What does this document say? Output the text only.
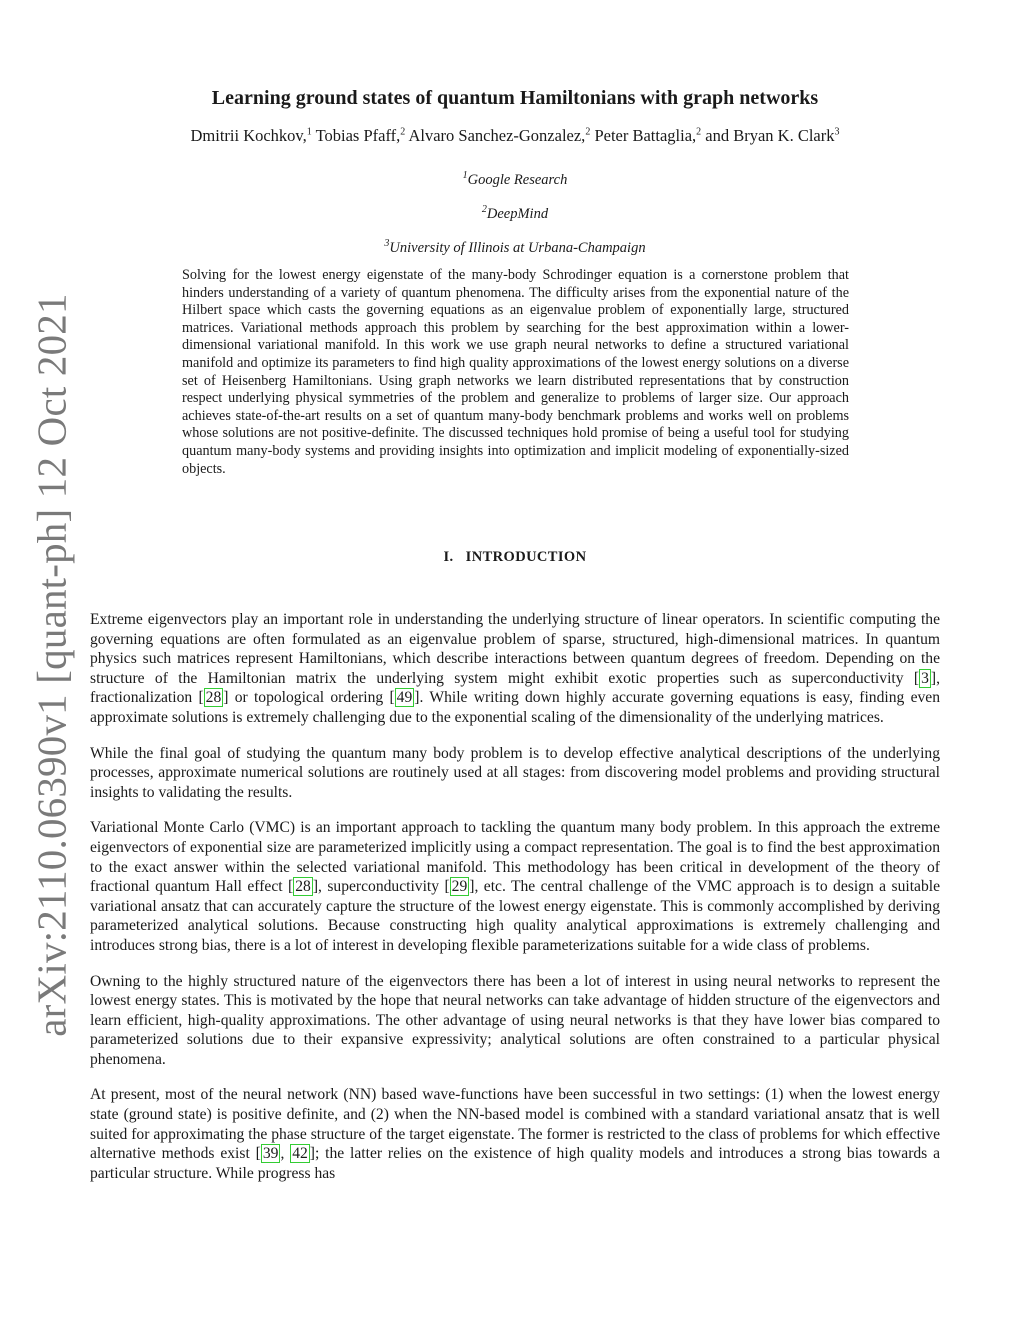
arXiv:2110.06390v1 [quant-ph] 12 Oct 2021
Learning ground states of quantum Hamiltonians with graph networks
Dmitrii Kochkov,$^1$ Tobias Pfaff,$^2$ Alvaro Sanchez-Gonzalez,$^2$ Peter Battaglia,$^2$ and Bryan K. Clark$^3$
$^1$Google Research
$^2$DeepMind
$^3$University of Illinois at Urbana-Champaign
Solving for the lowest energy eigenstate of the many-body Schrodinger equation is a cornerstone problem that hinders understanding of a variety of quantum phenomena. The difficulty arises from the exponential nature of the Hilbert space which casts the governing equations as an eigenvalue problem of exponentially large, structured matrices. Variational methods approach this problem by searching for the best approximation within a lower-dimensional variational manifold. In this work we use graph neural networks to define a structured variational manifold and optimize its parameters to find high quality approximations of the lowest energy solutions on a diverse set of Heisenberg Hamiltonians. Using graph networks we learn distributed representations that by construction respect underlying physical symmetries of the problem and generalize to problems of larger size. Our approach achieves state-of-the-art results on a set of quantum many-body benchmark problems and works well on problems whose solutions are not positive-definite. The discussed techniques hold promise of being a useful tool for studying quantum many-body systems and providing insights into optimization and implicit modeling of exponentially-sized objects.
I. INTRODUCTION

Extreme eigenvectors play an important role in understanding the underlying structure of linear operators. In scientific computing the governing equations are often formulated as an eigenvalue problem of sparse, structured, high-dimensional matrices. In quantum physics such matrices represent Hamiltonians, which describe interactions between quantum degrees of freedom. Depending on the structure of the Hamiltonian matrix the underlying system might exhibit exotic properties such as superconductivity [ 3 ], fractionalization [ 28 ] or topological ordering [ 49 ]. While writing down highly accurate governing equations is easy, finding even approximate solutions is extremely challenging due to the exponential scaling of the dimensionality of the underlying matrices.

While the final goal of studying the quantum many body problem is to develop effective analytical descriptions of the underlying processes, approximate numerical solutions are routinely used at all stages: from discovering model problems and providing structural insights to validating the results.

Variational Monte Carlo (VMC) is an important approach to tackling the quantum many body problem. In this approach the extreme eigenvectors of exponential size are parameterized implicitly using a compact representation. The goal is to find the best approximation to the exact answer within the selected variational manifold. This methodology has been critical in development of the theory of fractional quantum Hall effect [ 28 ], superconductivity [ 29 ], etc. The central challenge of the VMC approach is to design a suitable variational ansatz that can accurately capture the structure of the lowest energy eigenstate. This is commonly accomplished by deriving parameterized analytical solutions. Because constructing high quality analytical approximations is extremely challenging and introduces strong bias, there is a lot of interest in developing flexible parameterizations suitable for a wide class of problems.

Owning to the highly structured nature of the eigenvectors there has been a lot of interest in using neural networks to represent the lowest energy states. This is motivated by the hope that neural networks can take advantage of hidden structure of the eigenvectors and learn efficient, high-quality approximations. The other advantage of using neural networks is that they have lower bias compared to parameterized solutions due to their expansive expressivity; analytical solutions are often constrained to a particular physical phenomena.

At present, most of the neural network (NN) based wave-functions have been successful in two settings: (1) when the lowest energy state (ground state) is positive definite, and (2) when the NN-based model is combined with a standard variational ansatz that is well suited for approximating the phase structure of the target eigenstate. The former is restricted to the class of problems for which effective alternative methods exist [ 39 , 42 ]; the latter relies on the existence of high quality models and introduces a strong bias towards a particular structure. While progress has
